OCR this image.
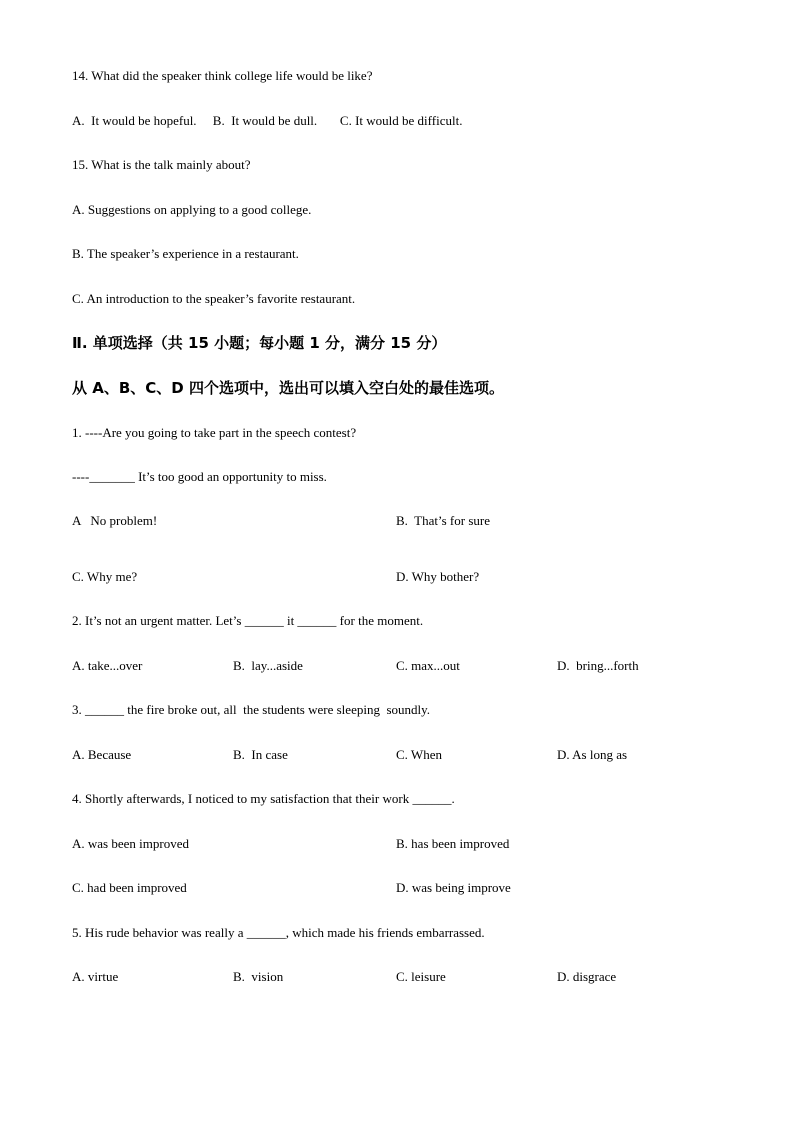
14. What did the speaker think college life would be like?
A.  It would be hopeful.     B.  It would be dull.       C. It would be difficult.
15. What is the talk mainly about?
A. Suggestions on applying to a good college.
B. The speaker’s experience in a restaurant.
C. An introduction to the speaker’s favorite restaurant.
Ⅱ. 单项选择（共 15 小题；每小题 1 分，满分 15 分）
从 A、B、C、D 四个选项中，选出可以填入空白处的最佳选项。
1. ----Are you going to take part in the speech contest?
----_______ It’s too good an opportunity to miss.
A   No problem!	B.  That’s for sure
C. Why me?	D. Why bother?
2. It’s not an urgent matter. Let’s ______ it ______ for the moment.
A. take...over	B.  lay...aside	C. max...out	D.  bring...forth
3. ______ the fire broke out, all  the students were sleeping  soundly.
A. Because	B.  In case	C. When	D. As long as
4. Shortly afterwards, I noticed to my satisfaction that their work ______.
A. was been improved	B. has been improved
C. had been improved	D. was being improve
5. His rude behavior was really a ______, which made his friends embarrassed.
A. virtue	B.  vision	C. leisure	D. disgrace
